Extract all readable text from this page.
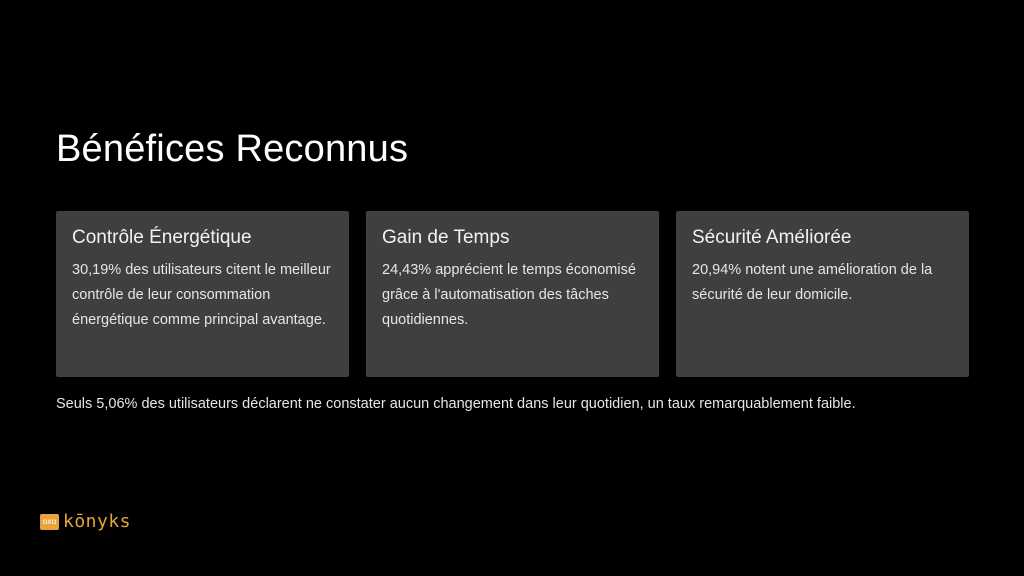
Bénéfices Reconnus
Contrôle Énergétique

30,19% des utilisateurs citent le meilleur contrôle de leur consommation énergétique comme principal avantage.

Gain de Temps

24,43% apprécient le temps économisé grâce à l'automatisation des tâches quotidiennes.

Sécurité Améliorée

20,94% notent une amélioration de la sécurité de leur domicile.

Seuls 5,06% des utilisateurs déclarent ne constater aucun changement dans leur quotidien, un taux remarquablement faible.

oxo kōnyks
